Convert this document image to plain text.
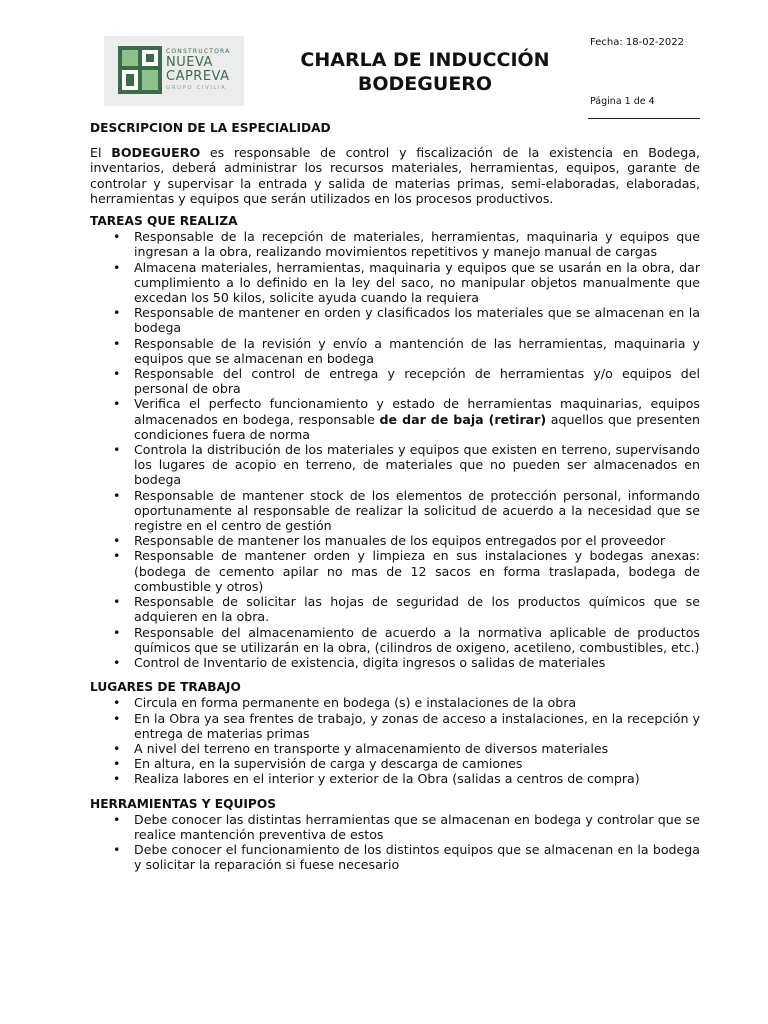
CONSTRUCTORA
NUEVA
CAPREVA
GRUPO CIVILIA
CHARLA DE INDUCCIÓN
BODEGUERO
Fecha: 18-02-2022
Página 1 de 4

DESCRIPCION DE LA ESPECIALIDAD

El BODEGUERO es responsable de control y fiscalización de la existencia en Bodega, inventarios, deberá administrar los recursos materiales, herramientas, equipos, garante de controlar y supervisar la entrada y salida de materias primas, semi-elaboradas, elaboradas, herramientas y equipos que serán utilizados en los procesos productivos.

TAREAS QUE REALIZA

• Responsable de la recepción de materiales, herramientas, maquinaria y equipos que ingresan a la obra, realizando movimientos repetitivos y manejo manual de cargas
• Almacena materiales, herramientas, maquinaria y equipos que se usarán en la obra, dar cumplimiento a lo definido en la ley del saco, no manipular objetos manualmente que excedan los 50 kilos, solicite ayuda cuando la requiera
• Responsable de mantener en orden y clasificados los materiales que se almacenan en la bodega
• Responsable de la revisión y envío a mantención de las herramientas, maquinaria y equipos que se almacenan en bodega
• Responsable del control de entrega y recepción de herramientas y/o equipos del personal de obra
• Verifica el perfecto funcionamiento y estado de herramientas maquinarias, equipos almacenados en bodega, responsable de dar de baja (retirar) aquellos que presenten condiciones fuera de norma
• Controla la distribución de los materiales y equipos que existen en terreno, supervisando los lugares de acopio en terreno, de materiales que no pueden ser almacenados en bodega
• Responsable de mantener stock de los elementos de protección personal, informando oportunamente al responsable de realizar la solicitud de acuerdo a la necesidad que se registre en el centro de gestión
• Responsable de mantener los manuales de los equipos entregados por el proveedor
• Responsable de mantener orden y limpieza en sus instalaciones y bodegas anexas: (bodega de cemento apilar no mas de 12 sacos en forma traslapada, bodega de combustible y otros)
• Responsable de solicitar las hojas de seguridad de los productos químicos que se adquieren en la obra.
• Responsable del almacenamiento de acuerdo a la normativa aplicable de productos químicos que se utilizarán en la obra, (cilindros de oxigeno, acetileno, combustibles, etc.)
• Control de Inventario de existencia, digita ingresos o salidas de materiales

LUGARES DE TRABAJO

• Circula en forma permanente en bodega (s) e instalaciones de la obra
• En la Obra ya sea frentes de trabajo, y zonas de acceso a instalaciones, en la recepción y entrega de materias primas
• A nivel del terreno en transporte y almacenamiento de diversos materiales
• En altura, en la supervisión de carga y descarga de camiones
• Realiza labores en el interior y exterior de la Obra (salidas a centros de compra)

HERRAMIENTAS Y EQUIPOS

• Debe conocer las distintas herramientas que se almacenan en bodega y controlar que se realice mantención preventiva de estos
• Debe conocer el funcionamiento de los distintos equipos que se almacenan en la bodega y solicitar la reparación si fuese necesario
